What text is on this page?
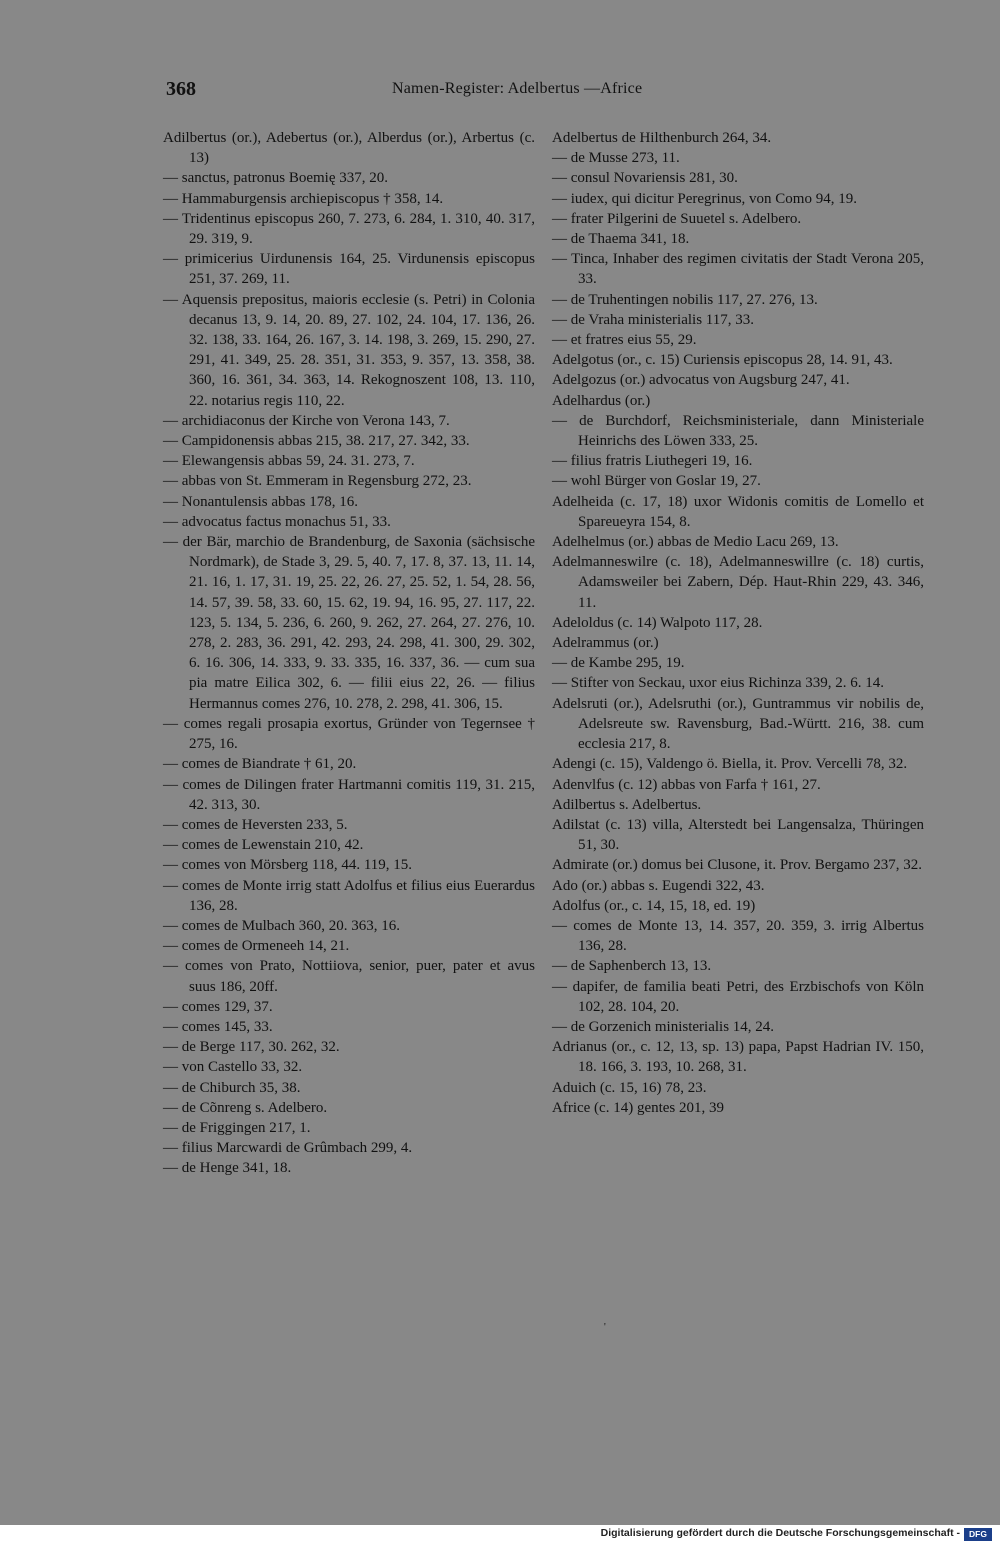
368	Namen-Register: Adelbertus —Africe
Adilbertus (or.), Adebertus (or.), Alberdus (or.), Arbertus (c. 13)
— sanctus, patronus Boemię 337, 20.
— Hammaburgensis archiepiscopus † 358, 14.
— Tridentinus episcopus 260, 7. 273, 6. 284, 1. 310, 40. 317, 29. 319, 9.
— primicerius Uirdunensis 164, 25. Virdunensis episcopus 251, 37. 269, 11.
— Aquensis prepositus, maioris ecclesie (s. Petri) in Colonia decanus 13, 9. 14, 20. 89, 27. 102, 24. 104, 17. 136, 26. 32. 138, 33. 164, 26. 167, 3. 14. 198, 3. 269, 15. 290, 27. 291, 41. 349, 25. 28. 351, 31. 353, 9. 357, 13. 358, 38. 360, 16. 361, 34. 363, 14. Rekognoszent 108, 13. 110, 22. notarius regis 110, 22.
— archidiaconus der Kirche von Verona 143, 7.
— Campidonensis abbas 215, 38. 217, 27. 342, 33.
— Elewangensis abbas 59, 24. 31. 273, 7.
— abbas von St. Emmeram in Regensburg 272, 23.
— Nonantulensis abbas 178, 16.
— advocatus factus monachus 51, 33.
— der Bär, marchio de Brandenburg, de Saxonia (sächsische Nordmark), de Stade 3, 29. 5, 40. 7, 17. 8, 37. 13, 11. 14, 21. 16, 1. 17, 31. 19, 25. 22, 26. 27, 25. 52, 1. 54, 28. 56, 14. 57, 39. 58, 33. 60, 15. 62, 19. 94, 16. 95, 27. 117, 22. 123, 5. 134, 5. 236, 6. 260, 9. 262, 27. 264, 27. 276, 10. 278, 2. 283, 36. 291, 42. 293, 24. 298, 41. 300, 29. 302, 6. 16. 306, 14. 333, 9. 33. 335, 16. 337, 36. — cum sua pia matre Eilica 302, 6. — filii eius 22, 26. — filius Hermannus comes 276, 10. 278, 2. 298, 41. 306, 15.
— comes regali prosapia exortus, Gründer von Tegernsee † 275, 16.
— comes de Biandrate † 61, 20.
— comes de Dilingen frater Hartmanni comitis 119, 31. 215, 42. 313, 30.
— comes de Heversten 233, 5.
— comes de Lewenstain 210, 42.
— comes von Mörsberg 118, 44. 119, 15.
— comes de Monte irrig statt Adolfus et filius eius Euerardus 136, 28.
— comes de Mulbach 360, 20. 363, 16.
— comes de Ormeneeh 14, 21.
— comes von Prato, Nottiiova, senior, puer, pater et avus suus 186, 20ff.
— comes 129, 37.
— comes 145, 33.
— de Berge 117, 30. 262, 32.
— von Castello 33, 32.
— de Chiburch 35, 38.
— de Cõnreng s. Adelbero.
— de Friggingen 217, 1.
— filius Marcwardi de Grûmbach 299, 4.
— de Henge 341, 18.
Adelbertus de Hilthenburch 264, 34.
— de Musse 273, 11.
— consul Novariensis 281, 30.
— iudex, qui dicitur Peregrinus, von Como 94, 19.
— frater Pilgerini de Suuetel s. Adelbero.
— de Thaema 341, 18.
— Tinca, Inhaber des regimen civitatis der Stadt Verona 205, 33.
— de Truhentingen nobilis 117, 27. 276, 13.
— de Vraha ministerialis 117, 33.
— et fratres eius 55, 29.
Adelgotus (or., c. 15) Curiensis episcopus 28, 14. 91, 43.
Adelgozus (or.) advocatus von Augsburg 247, 41.
Adelhardus (or.)
— de Burchdorf, Reichsministeriale, dann Ministeriale Heinrichs des Löwen 333, 25.
— filius fratris Liuthegeri 19, 16.
— wohl Bürger von Goslar 19, 27.
Adelheida (c. 17, 18) uxor Widonis comitis de Lomello et Spareueyra 154, 8.
Adelhelmus (or.) abbas de Medio Lacu 269, 13.
Adelmanneswilre (c. 18), Adelmanneswillre (c. 18) curtis, Adamsweiler bei Zabern, Dép. Haut-Rhin 229, 43. 346, 11.
Adeloldus (c. 14) Walpoto 117, 28.
Adelrammus (or.)
— de Kambe 295, 19.
— Stifter von Seckau, uxor eius Richinza 339, 2. 6. 14.
Adelsruti (or.), Adelsruthi (or.), Guntrammus vir nobilis de, Adelsreute sw. Ravensburg, Bad.-Württ. 216, 38. cum ecclesia 217, 8.
Adengi (c. 15), Valdengo ö. Biella, it. Prov. Vercelli 78, 32.
Adenvlfus (c. 12) abbas von Farfa † 161, 27.
Adilbertus s. Adelbertus.
Adilstat (c. 13) villa, Alterstedt bei Langensalza, Thüringen 51, 30.
Admirate (or.) domus bei Clusone, it. Prov. Bergamo 237, 32.
Ado (or.) abbas s. Eugendi 322, 43.
Adolfus (or., c. 14, 15, 18, ed. 19)
— comes de Monte 13, 14. 357, 20. 359, 3. irrig Albertus 136, 28.
— de Saphenberch 13, 13.
— dapifer, de familia beati Petri, des Erzbischofs von Köln 102, 28. 104, 20.
— de Gorzenich ministerialis 14, 24.
Adrianus (or., c. 12, 13, sp. 13) papa, Papst Hadrian IV. 150, 18. 166, 3. 193, 10. 268, 31.
Aduich (c. 15, 16) 78, 23.
Africe (c. 14) gentes 201, 39
'
Digitalisierung gefördert durch die Deutsche Forschungsgemeinschaft -	DFG
